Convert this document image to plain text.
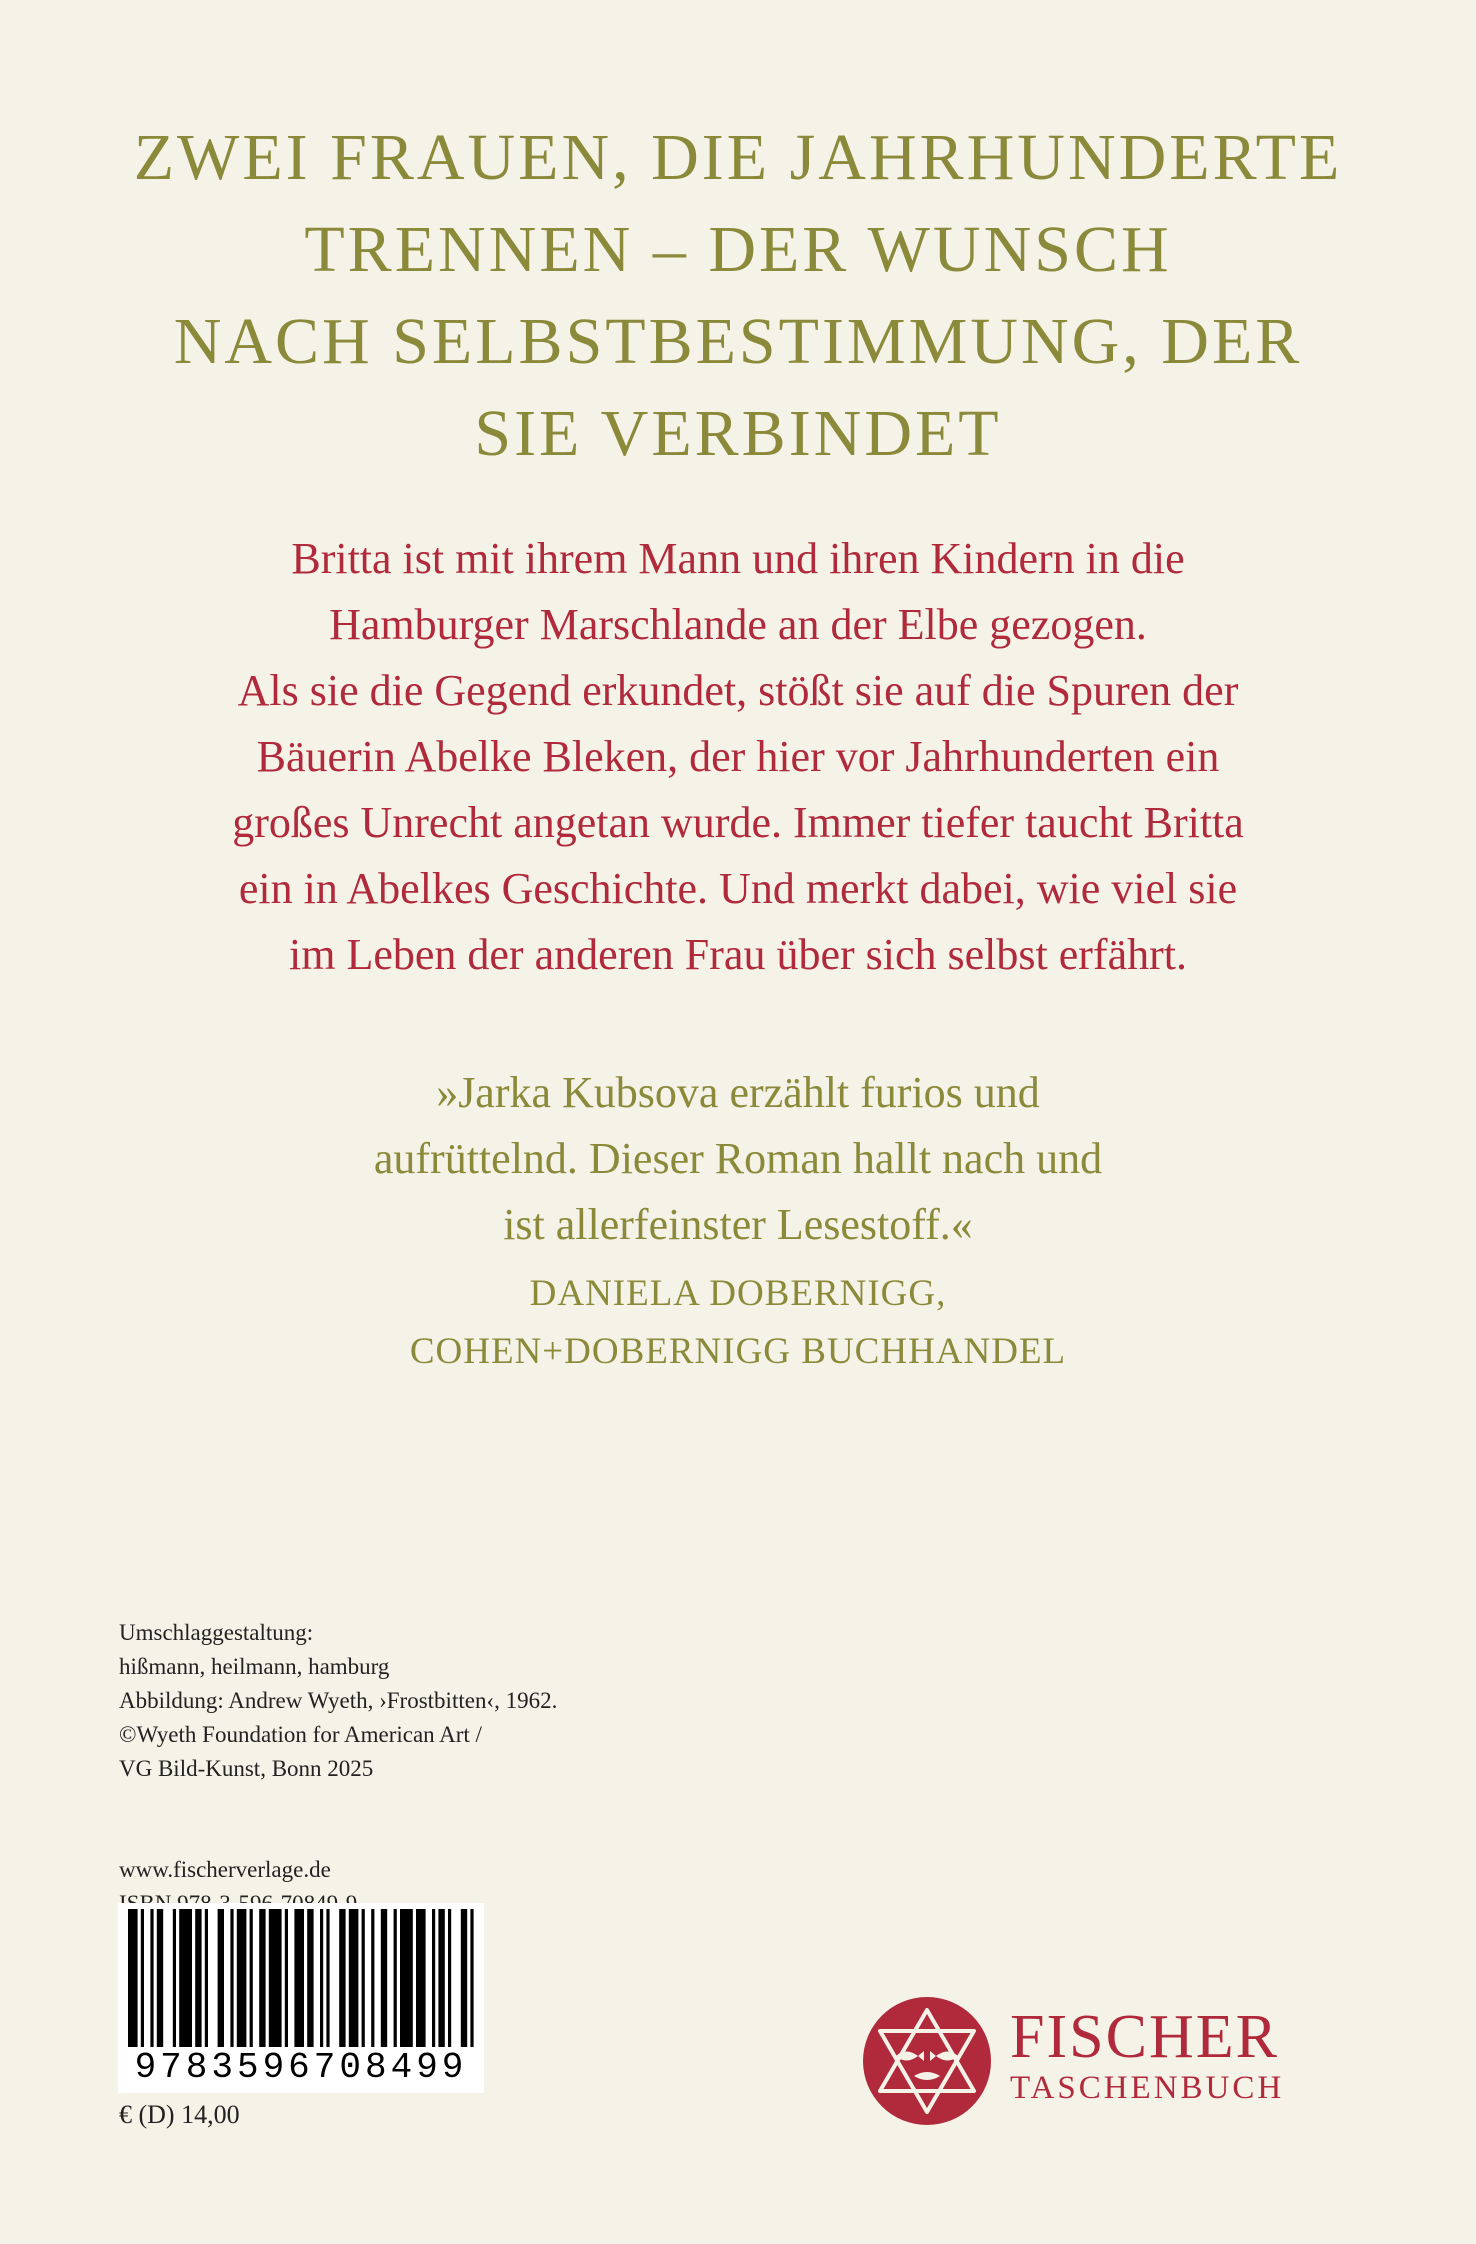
ZWEI FRAUEN, DIE JAHRHUNDERTE
TRENNEN – DER WUNSCH
NACH SELBSTBESTIMMUNG, DER
SIE VERBINDET
Britta ist mit ihrem Mann und ihren Kindern in die
Hamburger Marschlande an der Elbe gezogen.
Als sie die Gegend erkundet, stößt sie auf die Spuren der
Bäuerin Abelke Bleken, der hier vor Jahrhunderten ein
großes Unrecht angetan wurde. Immer tiefer taucht Britta
ein in Abelkes Geschichte. Und merkt dabei, wie viel sie
im Leben der anderen Frau über sich selbst erfährt.
»Jarka Kubsova erzählt furios und
aufrüttelnd. Dieser Roman hallt nach und
ist allerfeinster Lesestoff.«
DANIELA DOBERNIGG,
COHEN+DOBERNIGG BUCHHANDEL
Umschlaggestaltung:
hißmann, heilmann, hamburg
Abbildung: Andrew Wyeth, ›Frostbitten‹, 1962.
©Wyeth Foundation for American Art /
VG Bild-Kunst, Bonn 2025
www.fischerverlage.de
9783596708499
€ (D) 14,00
FISCHER
TASCHENBUCH
